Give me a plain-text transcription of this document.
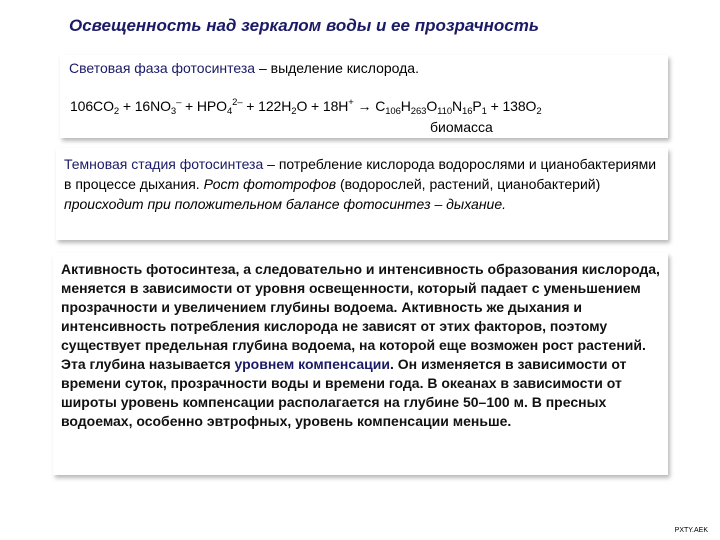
Освещенность над зеркалом воды и ее прозрачность
Световая фаза фотосинтеза – выделение кислорода.
$106CO_2 + 16NO_3^- + HPO_4^{2-} + 122H_2O + 18H^+ \to C_{106}H_{263}O_{110}N_{16}P_1 + 138O_2$
биомасса
Темновая стадия фотосинтеза – потребление кислорода водорослями и цианобактериями в процессе дыхания. Рост фототрофов (водорослей, растений, цианобактерий) происходит при положительном балансе фотосинтез – дыхание.
Активность фотосинтеза, а следовательно и интенсивность образования кислорода, меняется в зависимости от уровня освещенности, который падает с уменьшением прозрачности и увеличением глубины водоема. Активность же дыхания и интенсивность потребления кислорода не зависят от этих факторов, поэтому существует предельная глубина водоема, на которой еще возможен рост растений. Эта глубина называется уровнем компенсации. Он изменяется в зависимости от времени суток, прозрачности воды и времени года. В океанах в зависимости от широты уровень компенсации располагается на глубине 50–100 м. В пресных водоемах, особенно эвтрофных, уровень компенсации меньше.
PXTY.AEK
